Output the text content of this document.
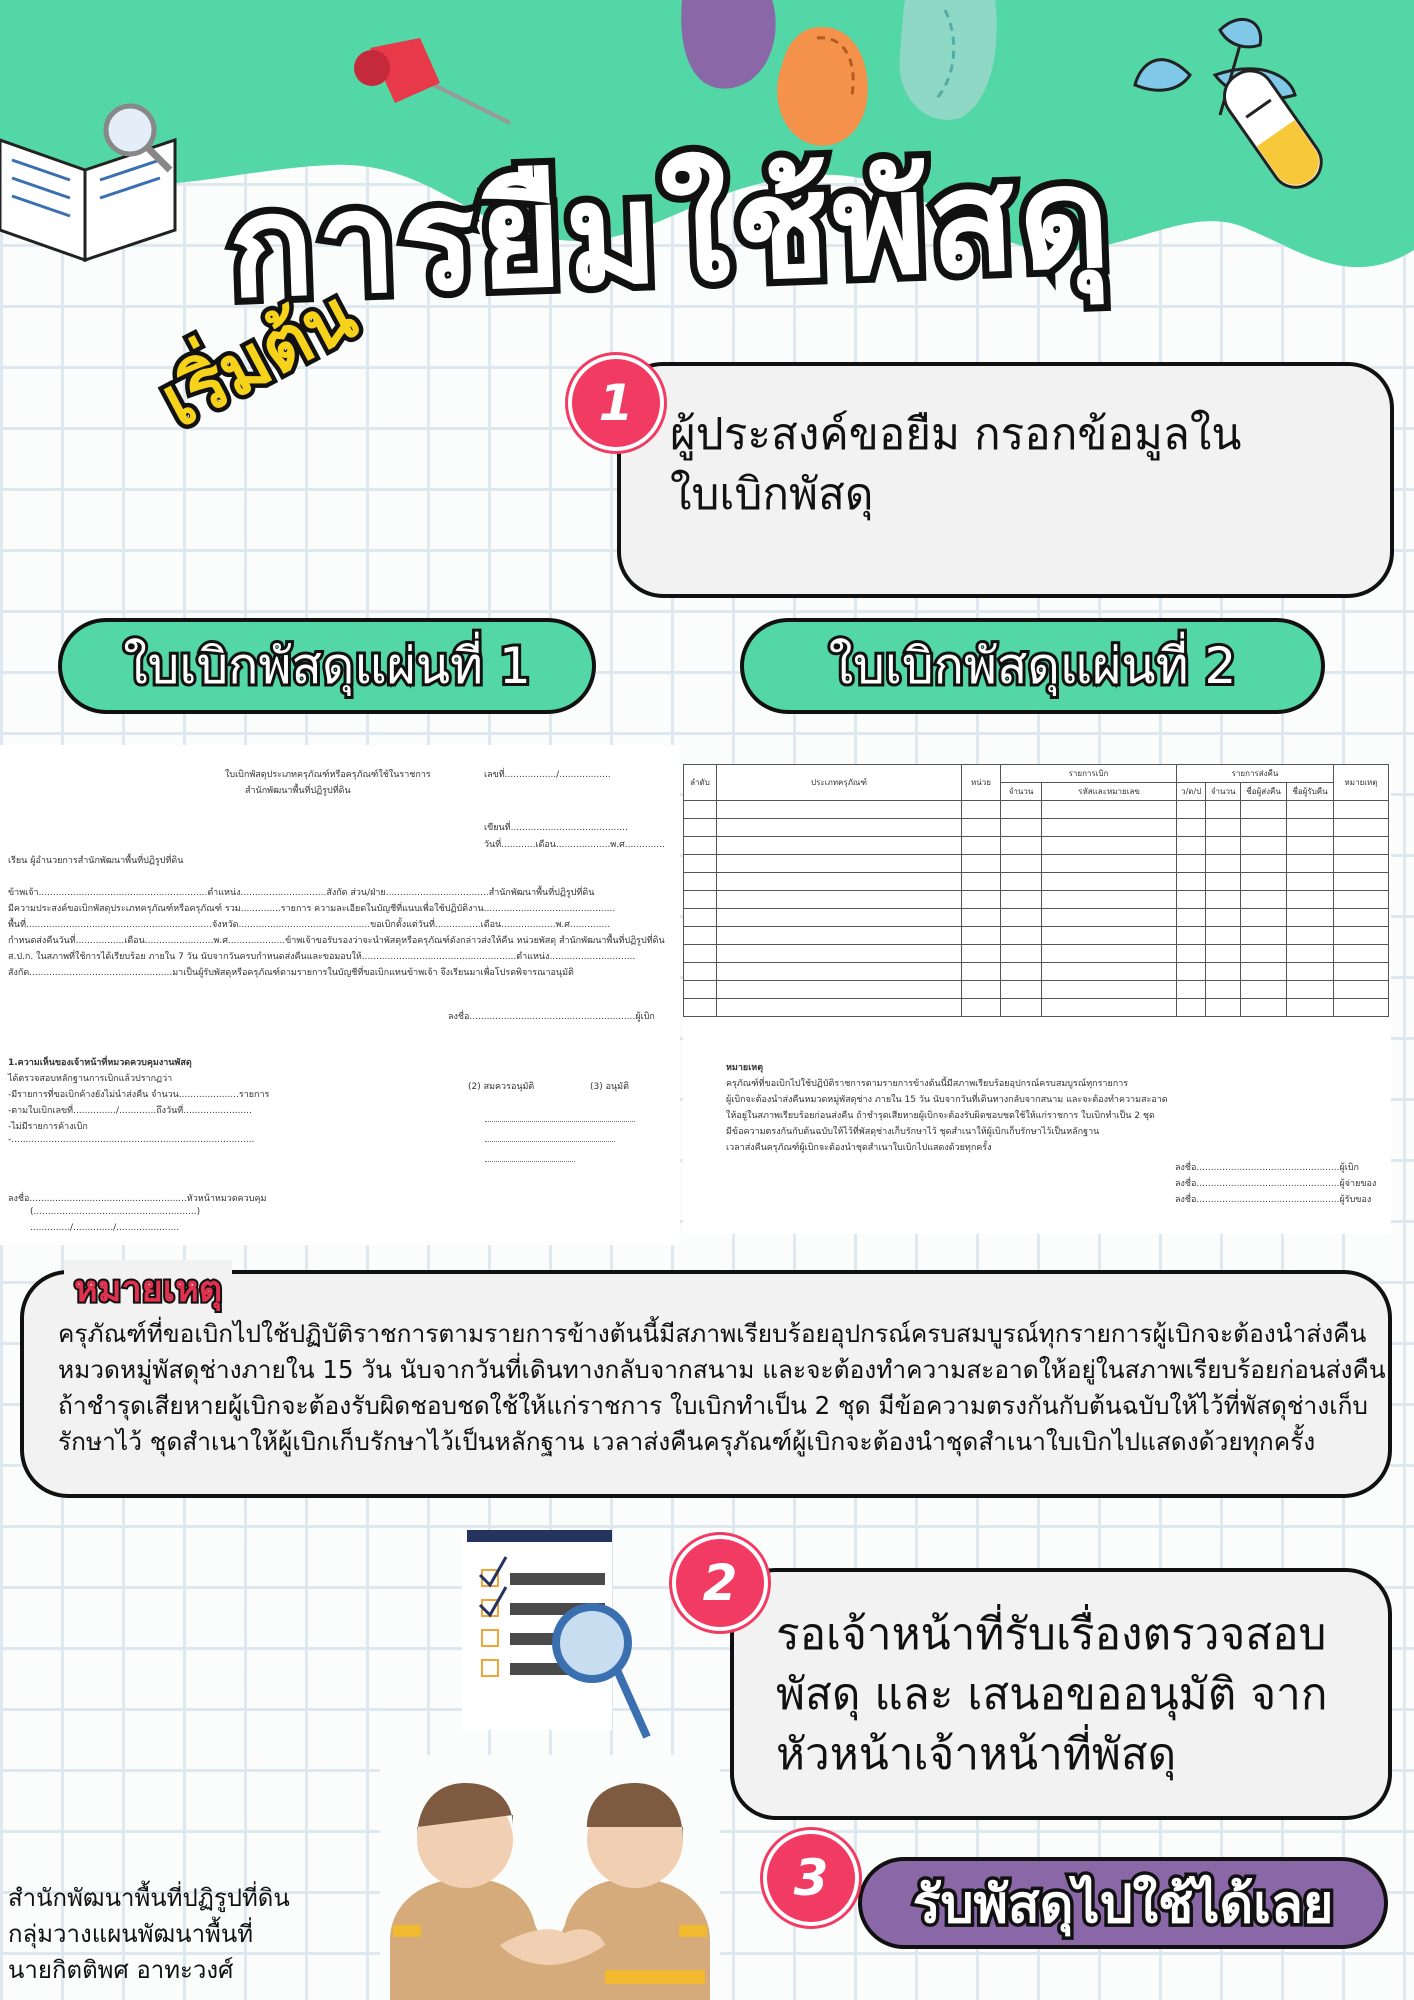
การยืมใช้พัสดุ
เริ่มต้น	1
ผู้ประสงค์ขอยืม กรอกข้อมูลใน ใบเบิกพัสดุ
ใบเบิกพัสดุแผ่นที่ 1	ใบเบิกพัสดุแผ่นที่ 2
ใบเบิกพัสดุประเภทครุภัณฑ์หรือครุภัณฑ์ใช้ในราชการ
สำนักพัฒนาพื้นที่ปฏิรูปที่ดิน
เลขที่................../..................
เขียนที่.........................................
วันที่............เดือน...................พ.ศ..............
เรียน ผู้อำนวยการสำนักพัฒนาพื้นที่ปฏิรูปที่ดิน
ข้าพเจ้า...........................................................ตำแหน่ง..............................สังกัด ส่วน/ฝ่าย....................................สำนักพัฒนาพื้นที่ปฏิรูปที่ดิน
มีความประสงค์ขอเบิกพัสดุประเภทครุภัณฑ์หรือครุภัณฑ์ รวม..............รายการ ความละเอียดในบัญชีที่แนบเพื่อใช้ปฏิบัติงาน..............................................
พื้นที่.................................................................จังหวัด..............................................ขอเบิกตั้งแต่วันที่................เดือน...................พ.ศ..............
กำหนดส่งคืนวันที่.................เดือน........................พ.ศ....................ข้าพเจ้าขอรับรองว่าจะนำพัสดุหรือครุภัณฑ์ดังกล่าวส่งให้คืน หน่วยพัสดุ สำนักพัฒนาพื้นที่ปฏิรูปที่ดิน
ส.ป.ก. ในสภาพที่ใช้การได้เรียบร้อย ภายใน 7 วัน นับจากวันครบกำหนดส่งคืนและขอมอบให้......................................................ตำแหน่ง..............................
สังกัด..................................................มาเป็นผู้รับพัสดุหรือครุภัณฑ์ตามรายการในบัญชีที่ขอเบิกแทนข้าพเจ้า จึงเรียนมาเพื่อโปรดพิจารณาอนุมัติ
ลงชื่อ..........................................................ผู้เบิก
1.ความเห็นของเจ้าหน้าที่หมวดควบคุมงานพัสดุ
ได้ตรวจสอบหลักฐานการเบิกแล้วปรากฏว่า
-มีรายการที่ขอเบิกค้างยังไม่นำส่งคืน จำนวน.....................รายการ
-ตามใบเบิกเลขที่.............../.............ถึงวันที่........................
-ไม่มีรายการค้างเบิก
-.....................................................................................
ลงชื่อ.......................................................หัวหน้าหมวดควบคุม
(.........................................................)
............../............../......................
(2) สมควรอนุมัติ	(3) อนุมัติ

ลำดับ	ประเภทครุภัณฑ์	หน่วย	รายการเบิก		รายการส่งคืน				หมายเหตุ
			จำนวน	รหัสและหมายเลข	ว/ด/ป	จำนวน	ชื่อผู้ส่งคืน	ชื่อผู้รับคืน	

หมายเหตุ
ครุภัณฑ์ที่ขอเบิกไปใช้ปฏิบัติราชการตามรายการข้างต้นนี้มีสภาพเรียบร้อยอุปกรณ์ครบสมบูรณ์ทุกรายการ
ผู้เบิกจะต้องนำส่งคืนหมวดหมู่พัสดุช่าง ภายใน 15 วัน นับจากวันที่เดินทางกลับจากสนาม และจะต้องทำความสะอาด
ให้อยู่ในสภาพเรียบร้อยก่อนส่งคืน ถ้าชำรุดเสียหายผู้เบิกจะต้องรับผิดชอบชดใช้ให้แก่ราชการ ใบเบิกทำเป็น 2 ชุด
มีข้อความตรงกันกับต้นฉบับให้ไว้ที่พัสดุช่างเก็บรักษาไว้ ชุดสำเนาให้ผู้เบิกเก็บรักษาไว้เป็นหลักฐาน
เวลาส่งคืนครุภัณฑ์ผู้เบิกจะต้องนำชุดสำเนาใบเบิกไปแสดงด้วยทุกครั้ง
ลงชื่อ..................................................ผู้เบิก
ลงชื่อ..................................................ผู้จ่ายของ
ลงชื่อ..................................................ผู้รับของ
หมายเหตุ
ครุภัณฑ์ที่ขอเบิกไปใช้ปฏิบัติราชการตามรายการข้างต้นนี้มีสภาพเรียบร้อยอุปกรณ์ครบสมบูรณ์ทุกรายการผู้เบิกจะต้องนำส่งคืนหมวดหมู่พัสดุช่างภายใน 15 วัน นับจากวันที่เดินทางกลับจากสนาม และจะต้องทำความสะอาดให้อยู่ในสภาพเรียบร้อยก่อนส่งคืน ถ้าชำรุดเสียหายผู้เบิกจะต้องรับผิดชอบชดใช้ให้แก่ราชการ ใบเบิกทำเป็น 2 ชุด มีข้อความตรงกันกับต้นฉบับให้ไว้ที่พัสดุช่างเก็บรักษาไว้ ชุดสำเนาให้ผู้เบิกเก็บรักษาไว้เป็นหลักฐาน เวลาส่งคืนครุภัณฑ์ผู้เบิกจะต้องนำชุดสำเนาใบเบิกไปแสดงด้วยทุกครั้ง
2
รอเจ้าหน้าที่รับเรื่องตรวจสอบ พัสดุ และ เสนอขออนุมัติ จาก หัวหน้าเจ้าหน้าที่พัสดุ
รับพัสดุไปใช้ได้เลย
3
สำนักพัฒนาพื้นที่ปฏิรูปที่ดิน
กลุ่มวางแผนพัฒนาพื้นที่
นายกิตติพศ อาทะวงศ์
